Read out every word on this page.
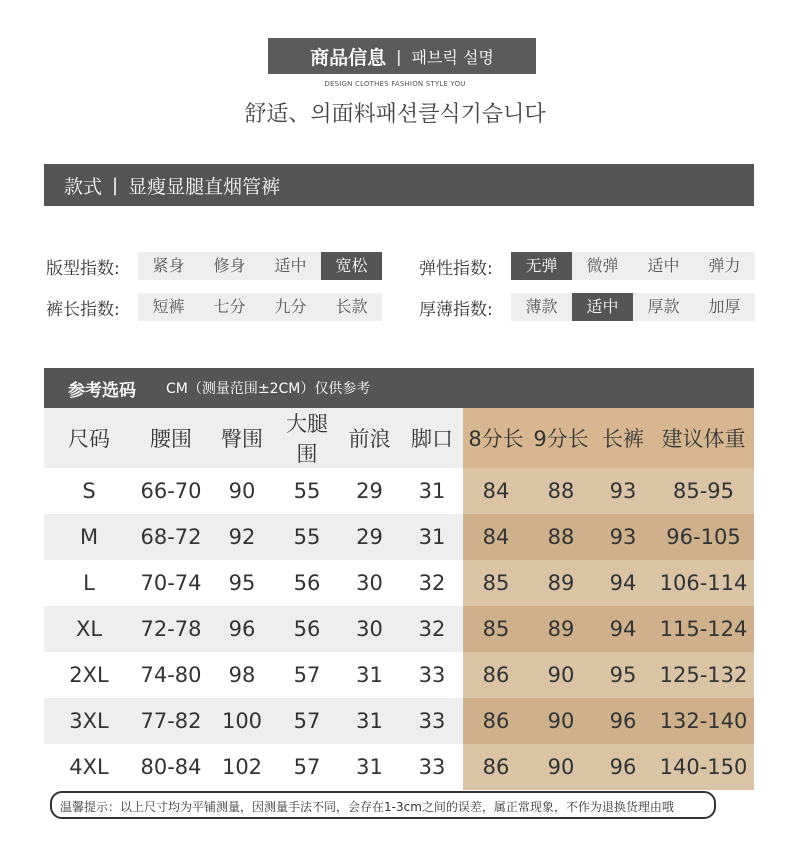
商品信息 | 패브릭 설명
DESIGN CLOTHES FASHION STYLE YOU
舒适、의面料패션클식기습니다
款式 | 显瘦显腿直烟管裤
版型指数:	紧身	修身	适中	宽松	弹性指数:	无弹	微弹	适中	弹力
裤长指数:	短裤	七分	九分	长款	厚薄指数:	薄款	适中	厚款	加厚
参考选码 CM（测量范围±2CM）仅供参考
尺码	腰围	臀围	大腿围	前浪	脚口	8分长	9分长	长裤	建议体重
S	66-70	90	55	29	31	84	88	93	85-95
M	68-72	92	55	29	31	84	88	93	96-105
L	70-74	95	56	30	32	85	89	94	106-114
XL	72-78	96	56	30	32	85	89	94	115-124
2XL	74-80	98	57	31	33	86	90	95	125-132
3XL	77-82	100	57	31	33	86	90	96	132-140
4XL	80-84	102	57	31	33	86	90	96	140-150
温馨提示：以上尺寸均为平铺测量，因测量手法不同，会存在1-3cm之间的误差，属正常现象，不作为退换货理由哦
